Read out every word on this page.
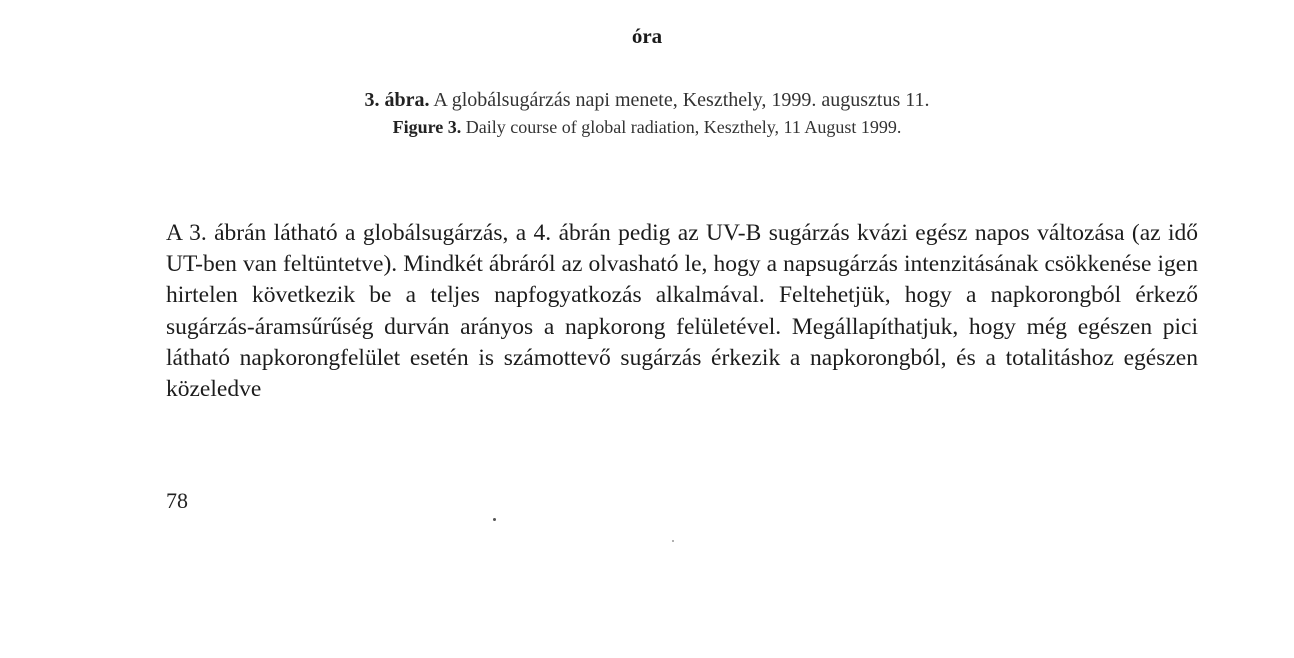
óra
3. ábra. A globálsugárzás napi menete, Keszthely, 1999. augusztus 11.
Figure 3. Daily course of global radiation, Keszthely, 11 August 1999.

A 3. ábrán látható a globálsugárzás, a 4. ábrán pedig az UV-B sugárzás kvázi egész napos változása (az idő UT-ben van feltüntetve). Mindkét ábráról az olvasható le, hogy a napsugárzás intenzitásának csökkenése igen hirtelen következik be a teljes napfogyatkozás alkalmával. Feltehetjük, hogy a napkorongból érkező sugárzás-áramsűrűség durván arányos a napkorong felületével. Megállapíthatjuk, hogy még egészen pici látható napkorongfelület esetén is számottevő sugárzás érkezik a napkorongból, és a totalitáshoz egészen közeledve

78
